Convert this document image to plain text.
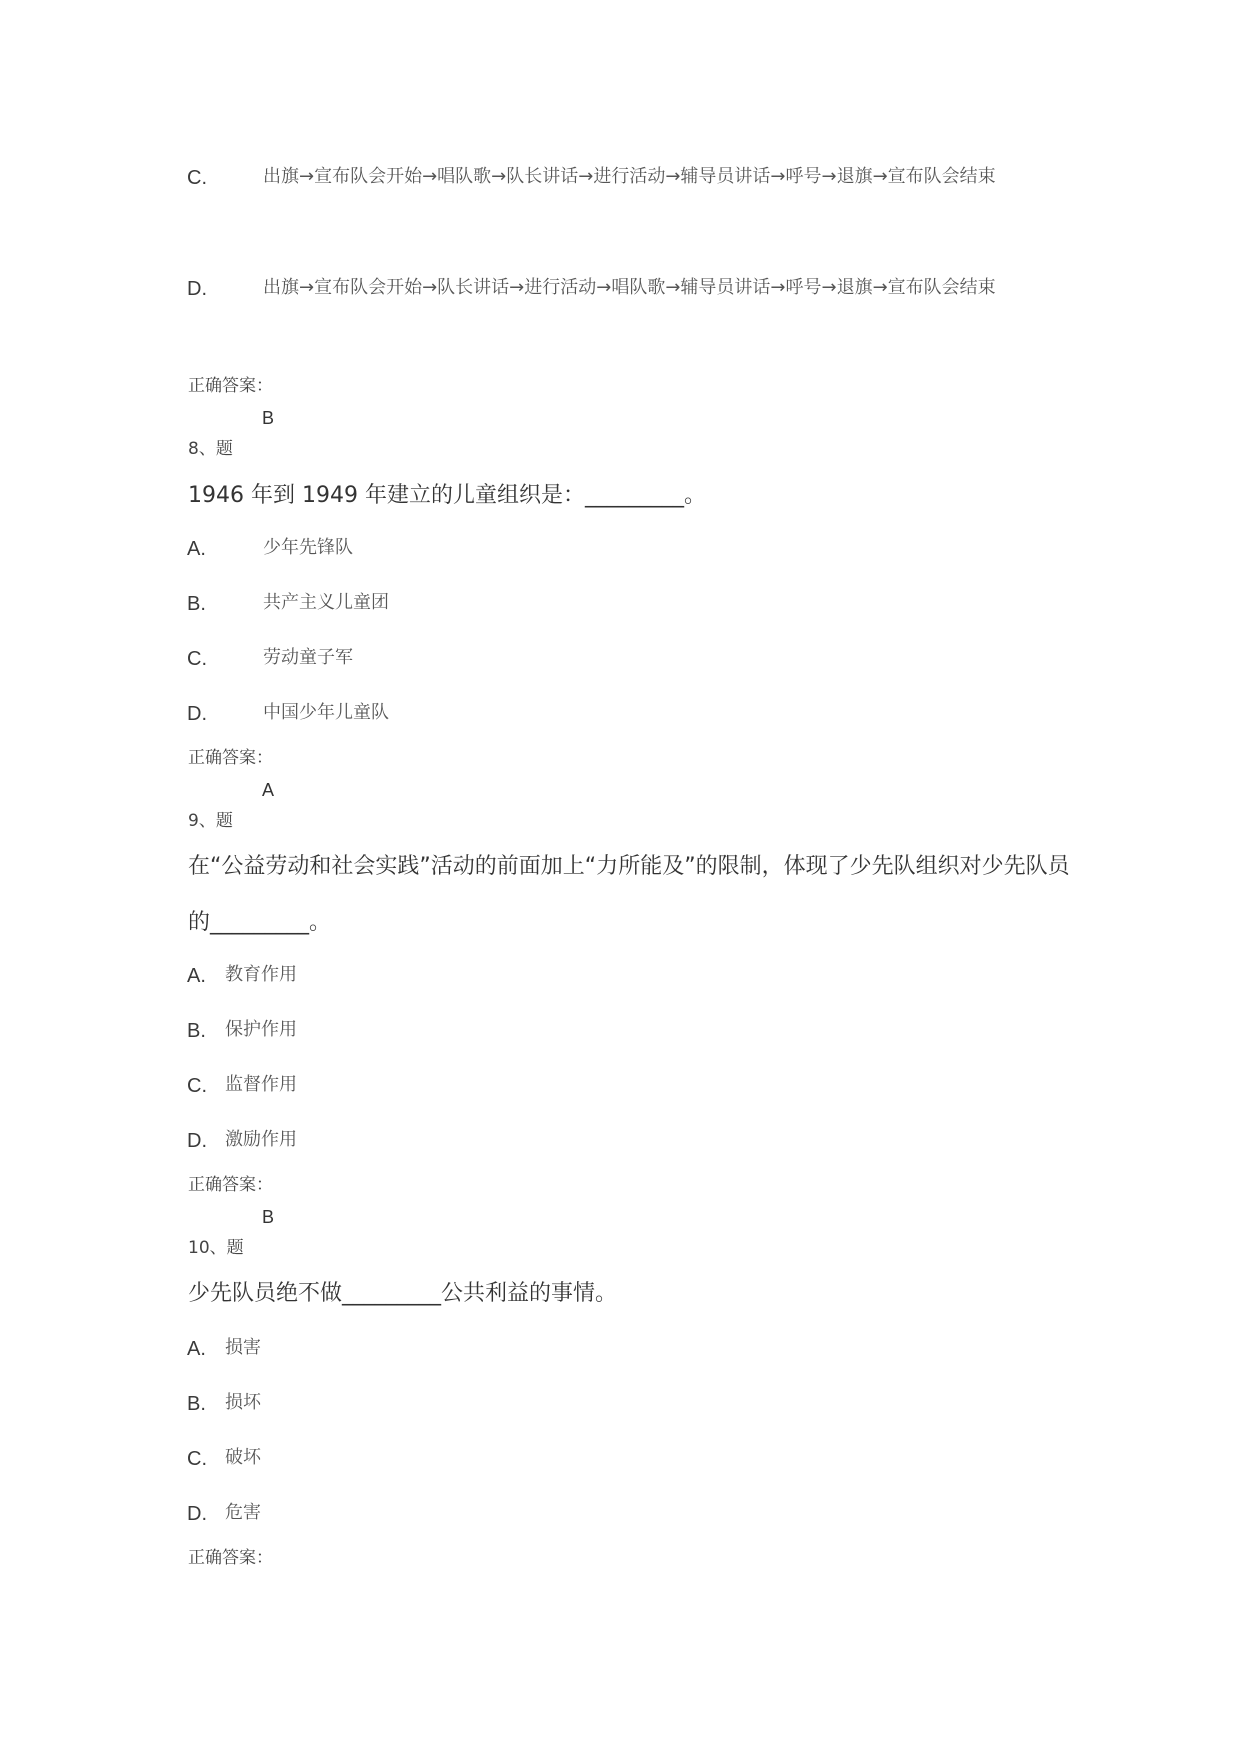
C.	出旗→宣布队会开始→唱队歌→队长讲话→进行活动→辅导员讲话→呼号→退旗→宣布队会结束
D.	出旗→宣布队会开始→队长讲话→进行活动→唱队歌→辅导员讲话→呼号→退旗→宣布队会结束
正确答案：
B
8、题
1946 年到 1949 年建立的儿童组织是：_________。
A.	少年先锋队
B.	共产主义儿童团
C.	劳动童子军
D.	中国少年儿童队
正确答案：
A
9、题
在“公益劳动和社会实践”活动的前面加上“力所能及”的限制，体现了少先队组织对少先队员
的_________。
A. 教育作用
B. 保护作用
C. 监督作用
D. 激励作用
正确答案：
B
10、题
少先队员绝不做_________公共利益的事情。
A. 损害
B. 损坏
C. 破坏
D. 危害
正确答案：
